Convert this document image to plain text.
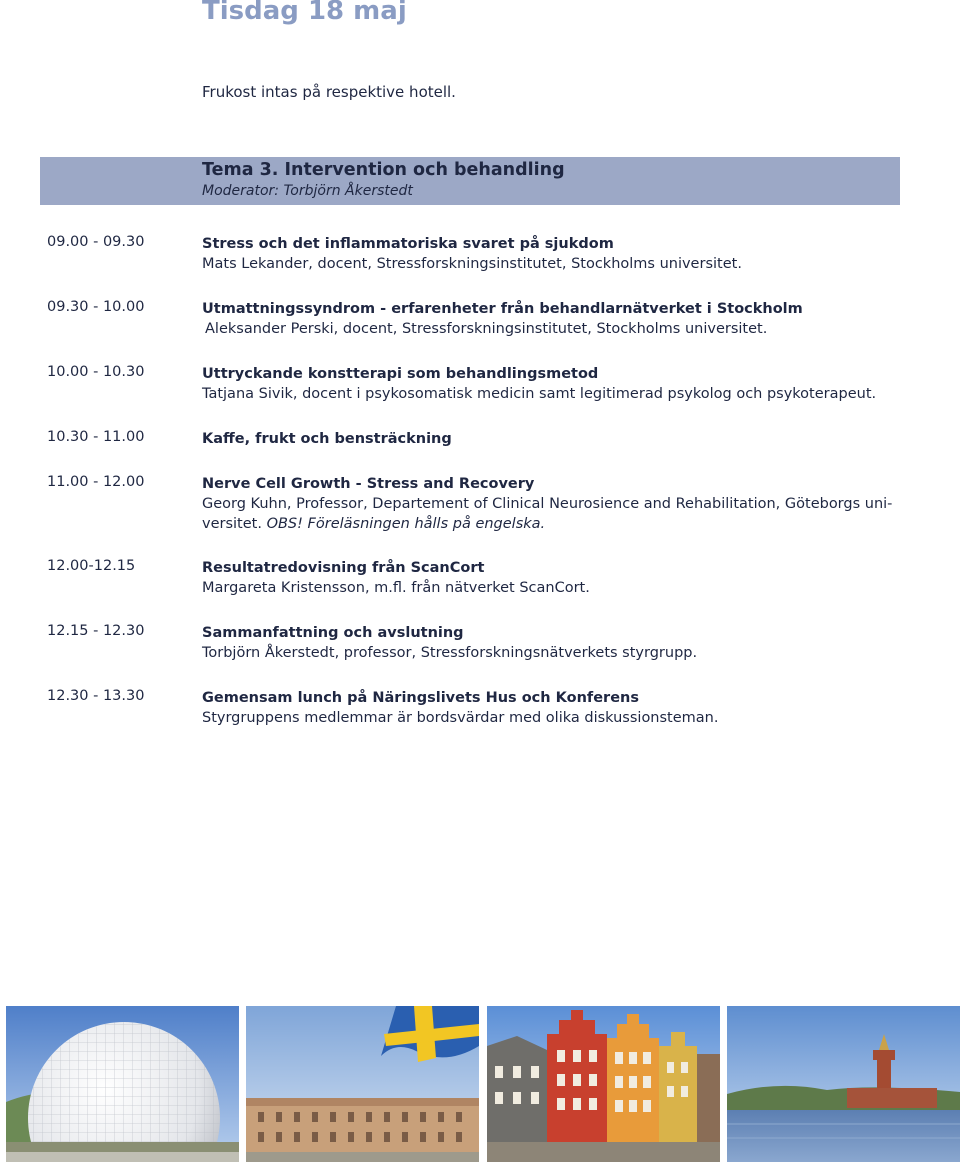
Tisdag 18 maj
Frukost intas på respektive hotell.
Tema 3. Intervention och behandling
Moderator: Torbjörn Åkerstedt
09.00 - 09.30	Stress och det inflammatoriska svaret på sjukdom
Mats Lekander, docent, Stressforskningsinstitutet, Stockholms universitet.
09.30 - 10.00	Utmattningssyndrom - erfarenheter från behandlarnätverket i Stockholm
Aleksander Perski, docent, Stressforskningsinstitutet, Stockholms universitet.
10.00 - 10.30	Uttryckande konstterapi som behandlingsmetod
Tatjana Sivik, docent i psykosomatisk medicin samt legitimerad psykolog och psykoterapeut.
10.30 - 11.00	Kaffe, frukt och bensträckning
11.00 - 12.00	Nerve Cell Growth - Stress and Recovery
Georg Kuhn, Professor, Departement of Clinical Neurosience and Rehabilitation, Göteborgs uni-
versitet. OBS! Föreläsningen hålls på engelska.
12.00-12.15	Resultatredovisning från ScanCort
Margareta Kristensson, m.fl. från nätverket ScanCort.
12.15 - 12.30	Sammanfattning och avslutning
Torbjörn Åkerstedt, professor, Stressforskningsnätverkets styrgrupp.
12.30 - 13.30	Gemensam lunch på Näringslivets Hus och Konferens
Styrgruppens medlemmar är bordsvärdar med olika diskussionsteman.
